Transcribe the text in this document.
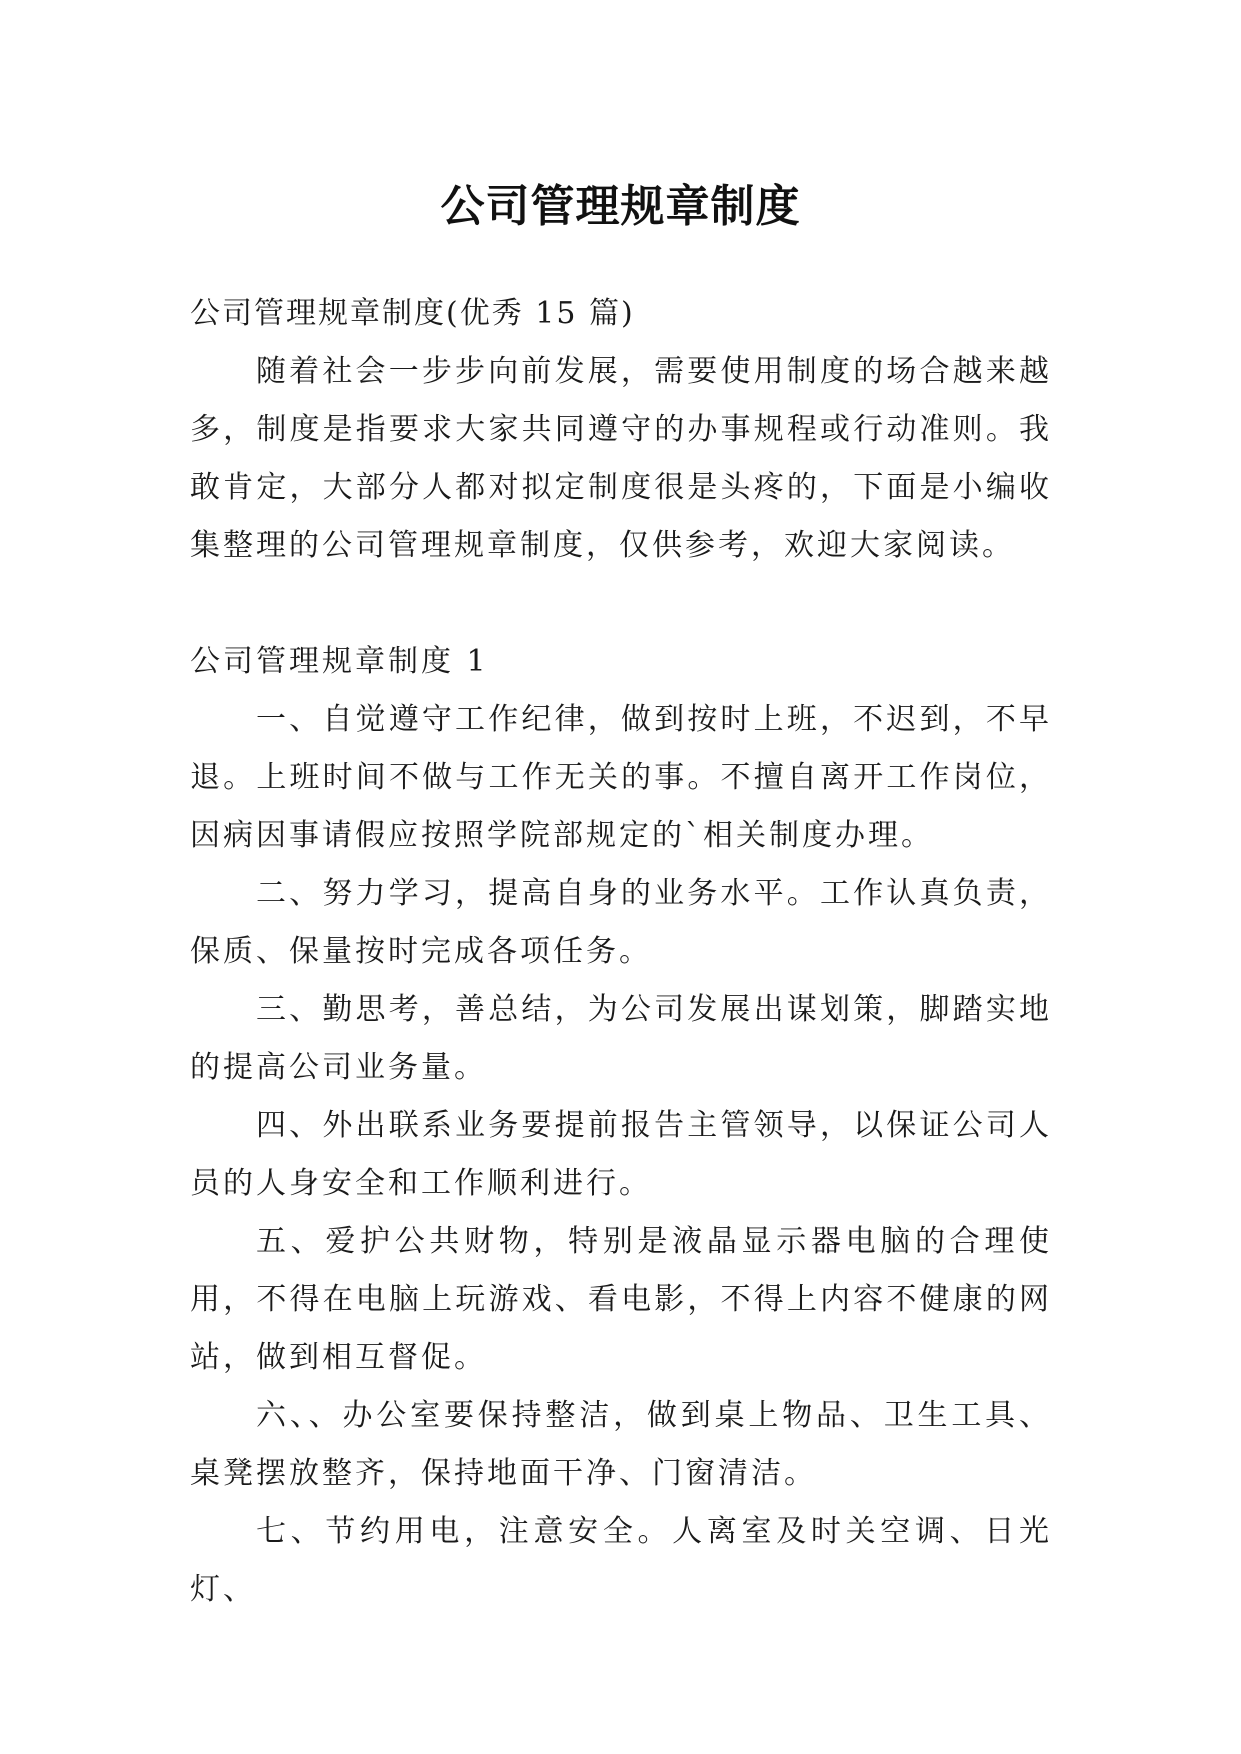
公司管理规章制度

公司管理规章制度(优秀 15 篇)

随着社会一步步向前发展，需要使用制度的场合越来越多，制度是指要求大家共同遵守的办事规程或行动准则。我敢肯定，大部分人都对拟定制度很是头疼的，下面是小编收集整理的公司管理规章制度，仅供参考，欢迎大家阅读。

公司管理规章制度 1

一、自觉遵守工作纪律，做到按时上班，不迟到，不早退。上班时间不做与工作无关的事。不擅自离开工作岗位，因病因事请假应按照学院部规定的`相关制度办理。

二、努力学习，提高自身的业务水平。工作认真负责，保质、保量按时完成各项任务。

三、勤思考，善总结，为公司发展出谋划策，脚踏实地的提高公司业务量。

四、外出联系业务要提前报告主管领导，以保证公司人员的人身安全和工作顺利进行。

五、爱护公共财物，特别是液晶显示器电脑的合理使用，不得在电脑上玩游戏、看电影，不得上内容不健康的网站，做到相互督促。

六、、办公室要保持整洁，做到桌上物品、卫生工具、桌凳摆放整齐，保持地面干净、门窗清洁。

七、节约用电，注意安全。人离室及时关空调、日光灯、
